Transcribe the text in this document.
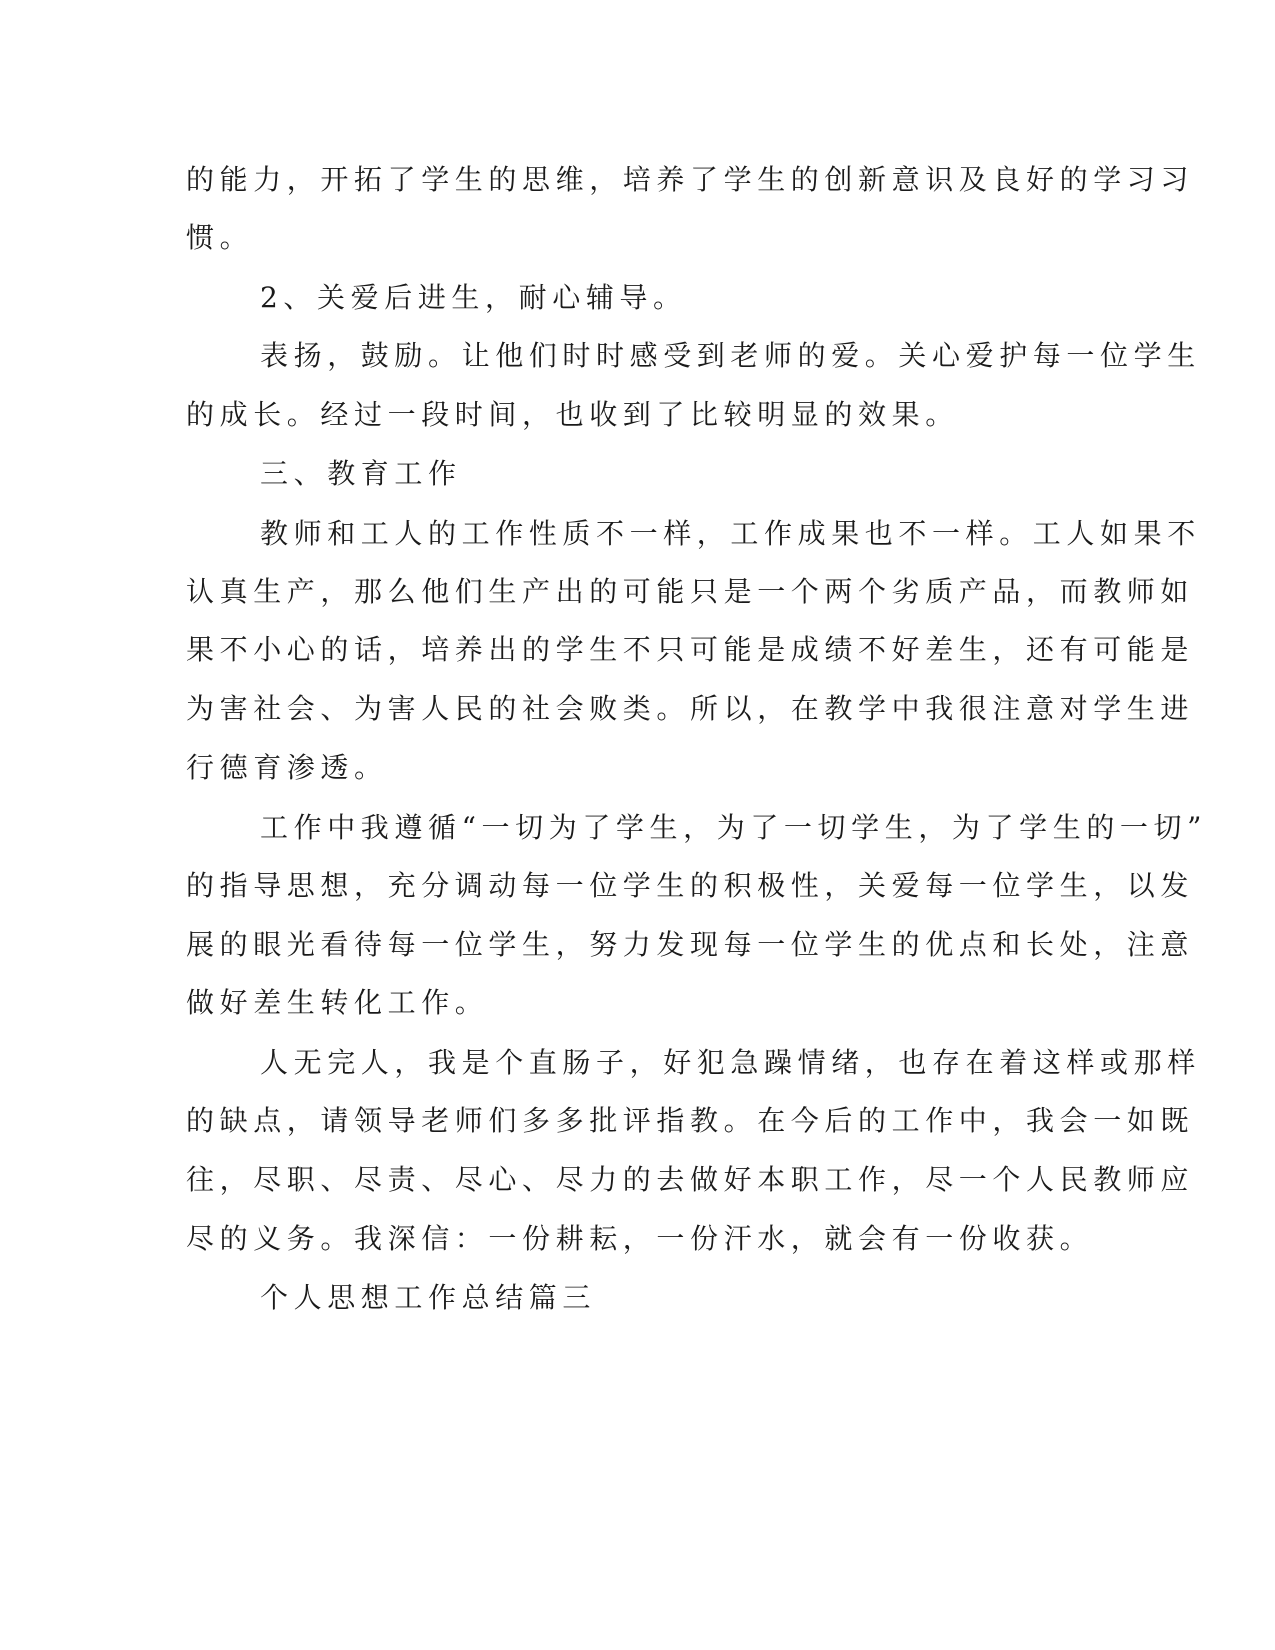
的能力，开拓了学生的思维，培养了学生的创新意识及良好的学习习
惯。
2、关爱后进生，耐心辅导。
表扬，鼓励。让他们时时感受到老师的爱。关心爱护每一位学生
的成长。经过一段时间，也收到了比较明显的效果。
三、教育工作
教师和工人的工作性质不一样，工作成果也不一样。工人如果不
认真生产，那么他们生产出的可能只是一个两个劣质产品，而教师如
果不小心的话，培养出的学生不只可能是成绩不好差生，还有可能是
为害社会、为害人民的社会败类。所以，在教学中我很注意对学生进
行德育渗透。
工作中我遵循“一切为了学生，为了一切学生，为了学生的一切”
的指导思想，充分调动每一位学生的积极性，关爱每一位学生，以发
展的眼光看待每一位学生，努力发现每一位学生的优点和长处，注意
做好差生转化工作。
人无完人，我是个直肠子，好犯急躁情绪，也存在着这样或那样
的缺点，请领导老师们多多批评指教。在今后的工作中，我会一如既
往，尽职、尽责、尽心、尽力的去做好本职工作，尽一个人民教师应
尽的义务。我深信：一份耕耘，一份汗水，就会有一份收获。
个人思想工作总结篇三
